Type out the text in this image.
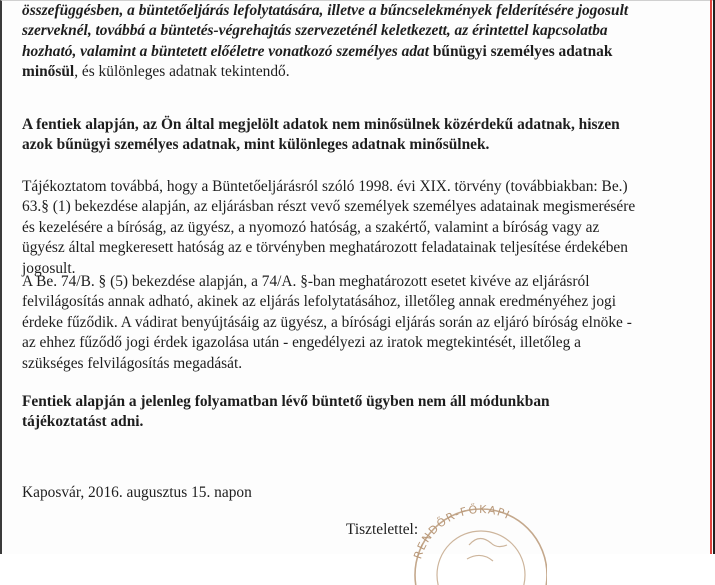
összefüggésben, a büntetőeljárás lefolytatására, illetve a bűncselekmények felderítésére jogosult

szerveknél, továbbá a büntetés-végrehajtás szervezeténél keletkezett, az érintettel kapcsolatba

hozható, valamint a büntetett előéletre vonatkozó személyes adat bűnügyi személyes adatnak

minősül, és különleges adatnak tekintendő.

A fentiek alapján, az Ön által megjelölt adatok nem minősülnek közérdekű adatnak, hiszen

azok bűnügyi személyes adatnak, mint különleges adatnak minősülnek.

Tájékoztatom továbbá, hogy a Büntetőeljárásról szóló 1998. évi XIX. törvény (továbbiakban: Be.)

63.§ (1) bekezdése alapján, az eljárásban részt vevő személyek személyes adatainak megismerésére

és kezelésére a bíróság, az ügyész, a nyomozó hatóság, a szakértő, valamint a bíróság vagy az

ügyész által megkeresett hatóság az e törvényben meghatározott feladatainak teljesítése érdekében

jogosult.

A Be. 74/B. § (5) bekezdése alapján, a 74/A. §-ban meghatározott esetet kivéve az eljárásról

felvilágosítás annak adható, akinek az eljárás lefolytatásához, illetőleg annak eredményéhez jogi

érdeke fűződik. A vádirat benyújtásáig az ügyész, a bírósági eljárás során az eljáró bíróság elnöke -

az ehhez fűződő jogi érdek igazolása után - engedélyezi az iratok megtekintését, illetőleg a

szükséges felvilágosítás megadását.

Fentiek alapján a jelenleg folyamatban lévő büntető ügyben nem áll módunkban

tájékoztatást adni.

Kaposvár, 2016. augusztus 15. napon
RENDŐR-FŐKAPI
Tisztelettel:
